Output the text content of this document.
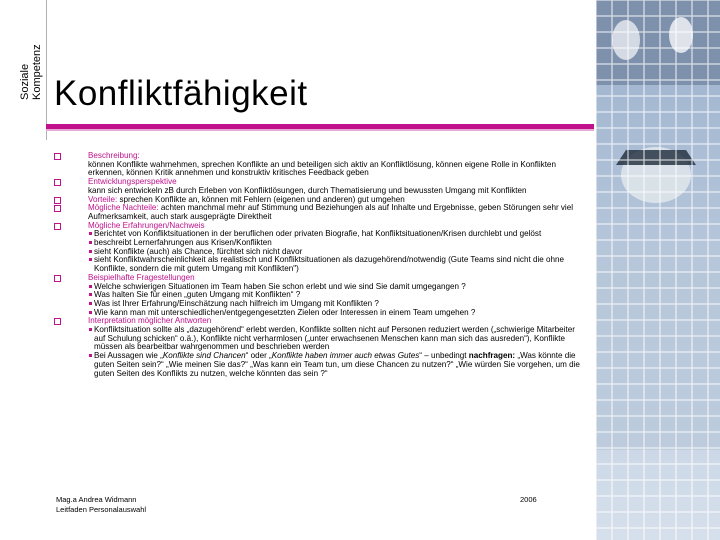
Soziale Kompetenz Konfliktfähigkeit
Beschreibung:
können Konflikte wahrnehmen, sprechen Konflikte an und beteiligen sich aktiv an Konfliktlösung, können eigene Rolle in Konflikten erkennen, können Kritik annehmen und konstruktiv kritisches Feedback geben
Entwicklungsperspektive
kann sich entwickeln zB durch Erleben von Konfliktlösungen, durch Thematisierung und bewussten Umgang mit Konflikten
Vorteile: sprechen Konflikte an, können mit Fehlern (eigenen und anderen) gut umgehen
Mögliche Nachteile: achten manchmal mehr auf Stimmung und Beziehungen als auf Inhalte und Ergebnisse, geben Störungen sehr viel Aufmerksamkeit, auch stark ausgeprägte Direktheit
Mögliche Erfahrungen/Nachweis
Berichtet von Konfliktsituationen in der beruflichen oder privaten Biografie, hat Konfliktsituationen/Krisen durchlebt und gelöst
beschreibt Lernerfahrungen aus Krisen/Konflikten
sieht Konflikte (auch) als Chance, fürchtet sich nicht davor
sieht Konfliktwahrscheinlichkeit als realistisch und Konfliktsituationen als dazugehörend/notwendig (Gute Teams sind nicht die ohne Konflikte, sondern die mit gutem Umgang mit Konflikten")
Beispielhafte Fragestellungen
Welche schwierigen Situationen im Team haben Sie schon erlebt und wie sind Sie damit umgegangen ?
Was halten Sie für einen „guten Umgang mit Konflikten“ ?
Was ist Ihrer Erfahrung/Einschätzung nach hilfreich im Umgang mit Konflikten ?
Wie kann man mit unterschiedlichen/entgegengesetzten Zielen oder Interessen in einem Team umgehen ?
Interpretation möglicher Antworten
Konfliktsituation sollte als „dazugehörend“ erlebt werden, Konflikte sollten nicht auf Personen reduziert werden („schwierige Mitarbeiter auf Schulung schicken“ o.ä.), Konflikte nicht verharmlosen („unter erwachsenen Menschen kann man sich das ausreden“), Konflikte müssen als bearbeitbar wahrgenommen und beschrieben werden
Bei Aussagen wie „Konflikte sind Chancen“ oder „Konflikte haben immer auch etwas Gutes“ – unbedingt nachfragen: „Was könnte die guten Seiten sein?“ „Wie meinen Sie das?“ „Was kann ein Team tun, um diese Chancen zu nutzen?“ „Wie würden Sie vorgehen, um die guten Seiten des Konflikts zu nutzen, welche könnten das sein ?“
Mag.a Andrea Widmann
Leitfaden Personalauswahl
2006
